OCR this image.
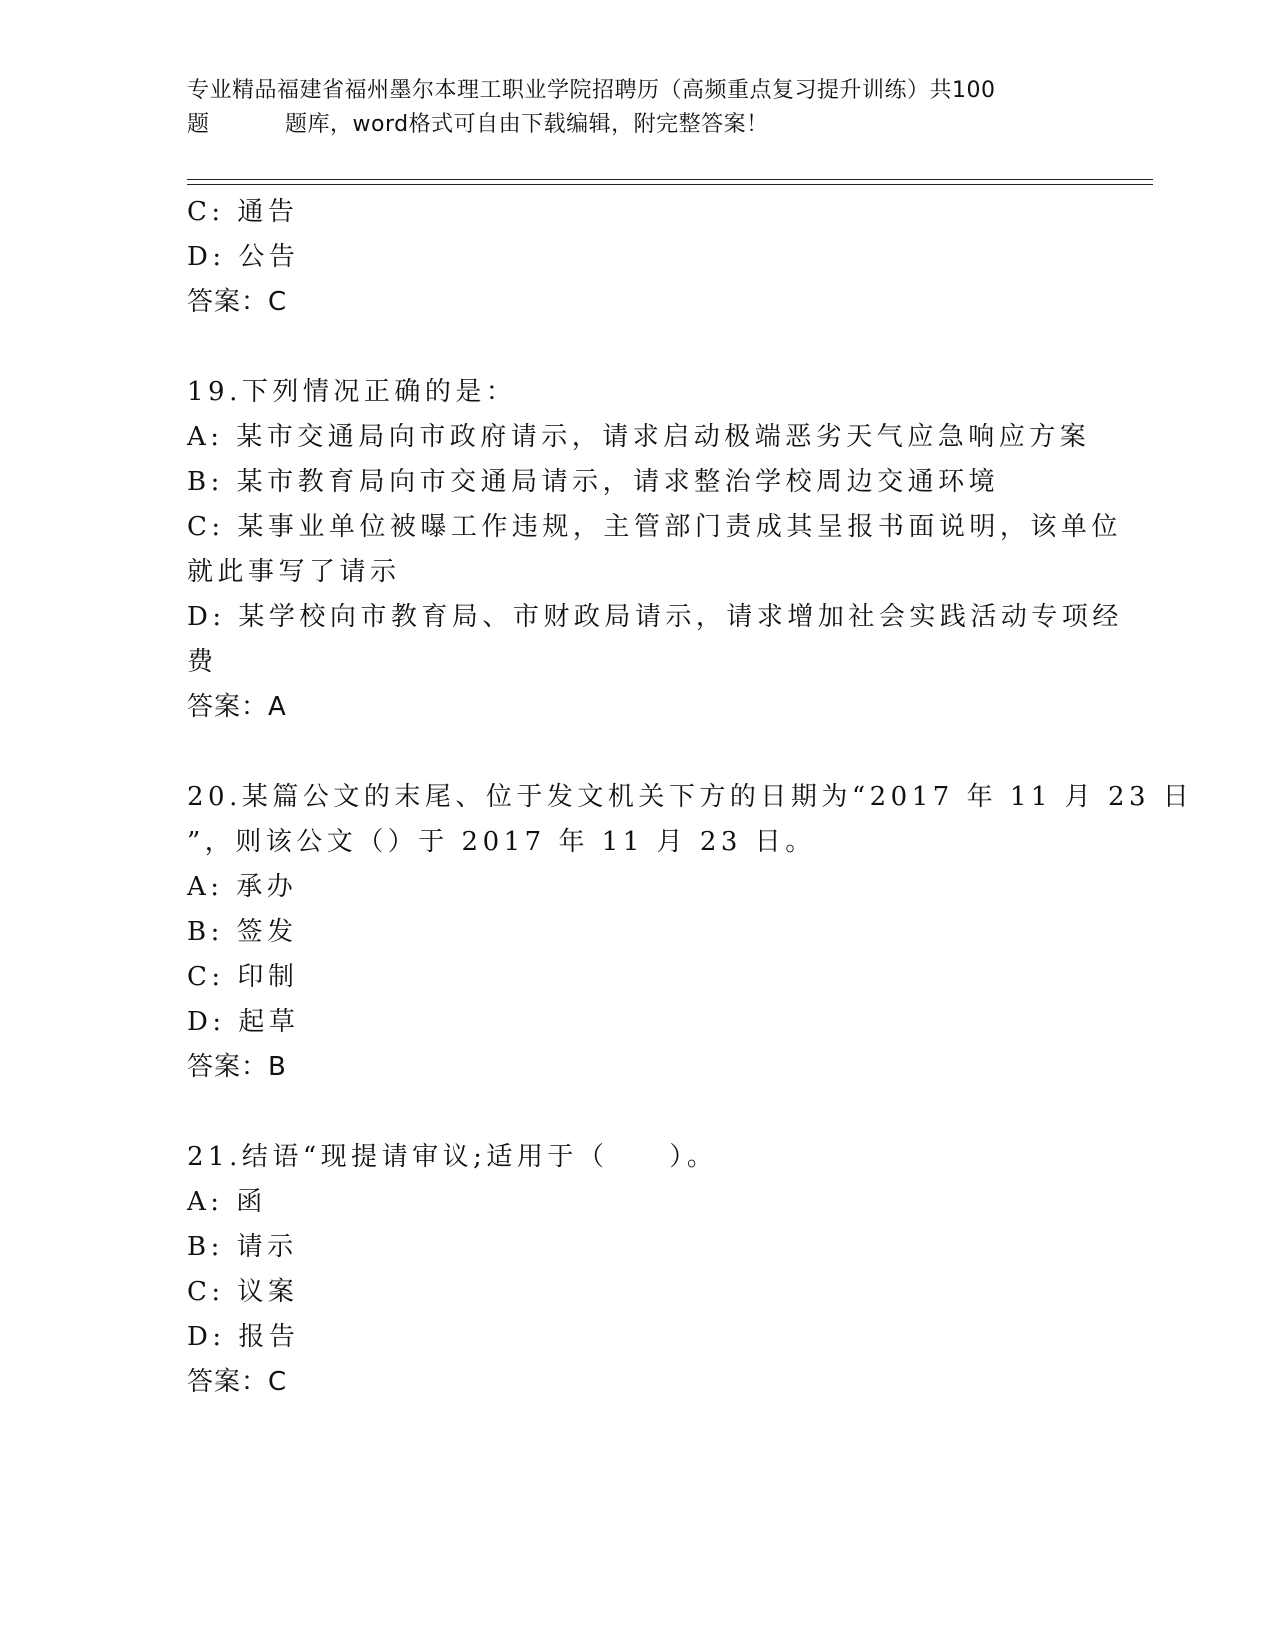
专业精品福建省福州墨尔本理工职业学院招聘历（高频重点复习提升训练）共100
题	题库，word格式可自由下载编辑，附完整答案！
C: 通告
D: 公告
答案：C
19.下列情况正确的是：
A: 某市交通局向市政府请示，请求启动极端恶劣天气应急响应方案
B: 某市教育局向市交通局请示，请求整治学校周边交通环境
C: 某事业单位被曝工作违规，主管部门责成其呈报书面说明，该单位
就此事写了请示
D: 某学校向市教育局、市财政局请示，请求增加社会实践活动专项经
费
答案：A
20.某篇公文的末尾、位于发文机关下方的日期为“2017 年 11 月 23 日
”，则该公文（）于 2017 年 11 月 23 日。
A: 承办
B: 签发
C: 印制
D: 起草
答案：B
21.结语“现提请审议;适用于（　　）。
A: 函
B: 请示
C: 议案
D: 报告
答案：C
